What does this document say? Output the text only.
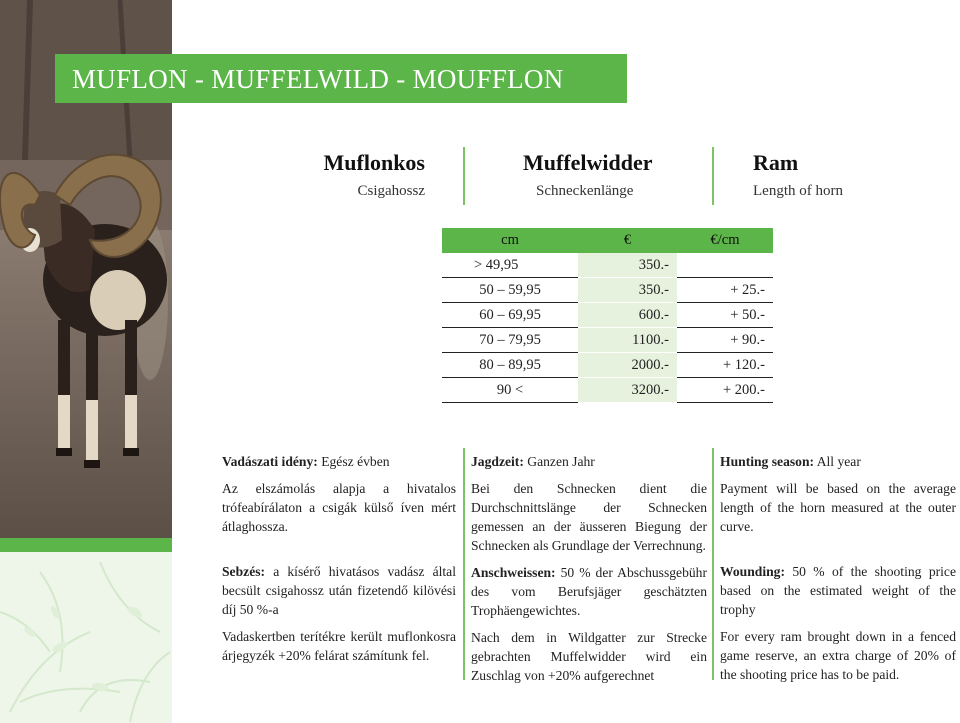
MUFLON - MUFFELWILD - MOUFFLON
Muflonkos
Csigahossz
Muffelwidder
Schneckenlänge
Ram
Length of horn
cm	€	€/cm
> 49,95	350.-	
50 – 59,95	350.-	+ 25.-
60 – 69,95	600.-	+ 50.-
70 – 79,95	1100.-	+ 90.-
80 – 89,95	2000.-	+ 120.-
90 <	3200.-	+ 200.-

Vadászati idény: Egész évben

Az elszámolás alapja a hivatalos trófeabírálaton a csigák külső íven mért átlaghossza.

Sebzés: a kísérő hivatásos vadász által becsült csigahossz után fizetendő kilövési díj 50 %-a

Vadaskertben terítékre került muflonkosra árjegyzék +20% felárat számítunk fel.

Jagdzeit: Ganzen Jahr

Bei den Schnecken dient die Durchschnittslänge der Schnecken gemessen an der äusseren Biegung der Schnecken als Grundlage der Verrechnung.

Anschweissen: 50 % der Abschussgebühr des vom Berufsjäger geschätzten Trophäengewichtes.

Nach dem in Wildgatter zur Strecke gebrachten Muffelwidder wird ein Zuschlag von +20% aufgerechnet

Hunting season: All year

Payment will be based on the average length of the horn measured at the outer curve.

Wounding: 50 % of the shooting price based on the estimated weight of the trophy

For every ram brought down in a fenced game reserve, an extra charge of 20% of the shooting price has to be paid.
